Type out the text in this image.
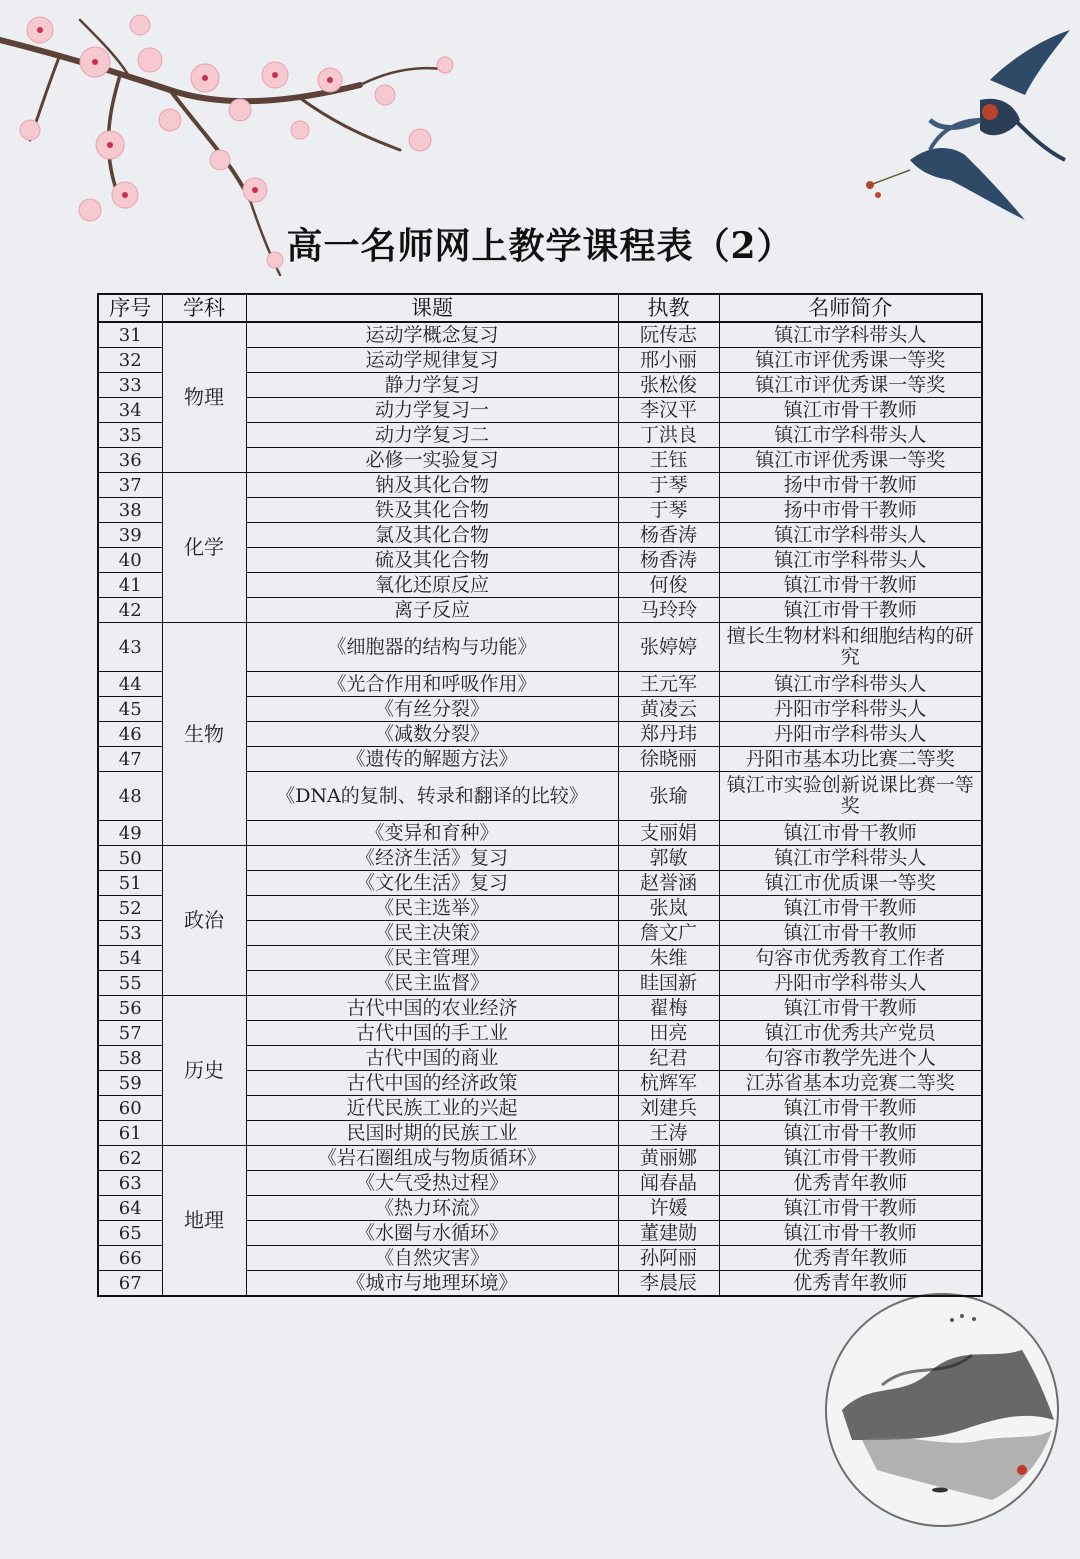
高一名师网上教学课程表（2）
序号	学科	课题	执教	名师简介
31	物理	运动学概念复习	阮传志	镇江市学科带头人
32		运动学规律复习	邢小丽	镇江市评优秀课一等奖
33		静力学复习	张松俊	镇江市评优秀课一等奖
34		动力学复习一	李汉平	镇江市骨干教师
35		动力学复习二	丁洪良	镇江市学科带头人
36		必修一实验复习	王钰	镇江市评优秀课一等奖
37	化学	钠及其化合物	于琴	扬中市骨干教师
38		铁及其化合物	于琴	扬中市骨干教师
39		氯及其化合物	杨香涛	镇江市学科带头人
40		硫及其化合物	杨香涛	镇江市学科带头人
41		氧化还原反应	何俊	镇江市骨干教师
42		离子反应	马玲玲	镇江市骨干教师
43	生物	《细胞器的结构与功能》	张婷婷	擅长生物材料和细胞结构的研究
44		《光合作用和呼吸作用》	王元军	镇江市学科带头人
45		《有丝分裂》	黄凌云	丹阳市学科带头人
46		《减数分裂》	郑丹玮	丹阳市学科带头人
47		《遗传的解题方法》	徐晓丽	丹阳市基本功比赛二等奖
48		《DNA的复制、转录和翻译的比较》	张瑜	镇江市实验创新说课比赛一等奖
49		《变异和育种》	支丽娟	镇江市骨干教师
50	政治	《经济生活》复习	郭敏	镇江市学科带头人
51		《文化生活》复习	赵誉涵	镇江市优质课一等奖
52		《民主选举》	张岚	镇江市骨干教师
53		《民主决策》	詹文广	镇江市骨干教师
54		《民主管理》	朱维	句容市优秀教育工作者
55		《民主监督》	眭国新	丹阳市学科带头人
56	历史	古代中国的农业经济	翟梅	镇江市骨干教师
57		古代中国的手工业	田亮	镇江市优秀共产党员
58		古代中国的商业	纪君	句容市教学先进个人
59		古代中国的经济政策	杭辉军	江苏省基本功竞赛二等奖
60		近代民族工业的兴起	刘建兵	镇江市骨干教师
61		民国时期的民族工业	王涛	镇江市骨干教师
62	地理	《岩石圈组成与物质循环》	黄丽娜	镇江市骨干教师
63		《大气受热过程》	闻春晶	优秀青年教师
64		《热力环流》	许媛	镇江市骨干教师
65		《水圈与水循环》	董建勋	镇江市骨干教师
66		《自然灾害》	孙阿丽	优秀青年教师
67		《城市与地理环境》	李晨辰	优秀青年教师
